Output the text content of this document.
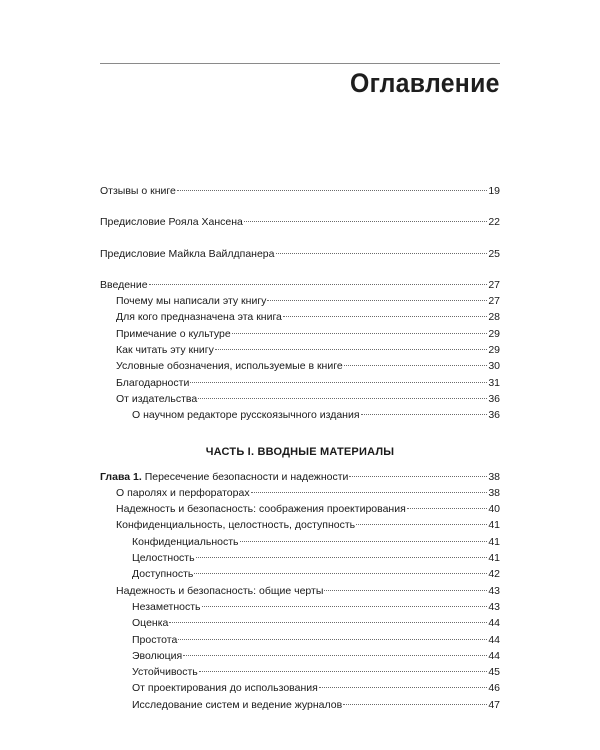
Оглавление
Отзывы о книге	19
Предисловие Рояла Хансена	22
Предисловие Майкла Вайлдпанера	25
Введение	27
Почему мы написали эту книгу	27
Для кого предназначена эта книга	28
Примечание о культуре	29
Как читать эту книгу	29
Условные обозначения, используемые в книге	30
Благодарности	31
От издательства	36
О научном редакторе русскоязычного издания	36
ЧАСТЬ I. ВВОДНЫЕ МАТЕРИАЛЫ
Глава 1. Пересечение безопасности и надежности	38
О паролях и перфораторах	38
Надежность и безопасность: соображения проектирования	40
Конфиденциальность, целостность, доступность	41
Конфиденциальность	41
Целостность	41
Доступность	42
Надежность и безопасность: общие черты	43
Незаметность	43
Оценка	44
Простота	44
Эволюция	44
Устойчивость	45
От проектирования до использования	46
Исследование систем и ведение журналов	47
